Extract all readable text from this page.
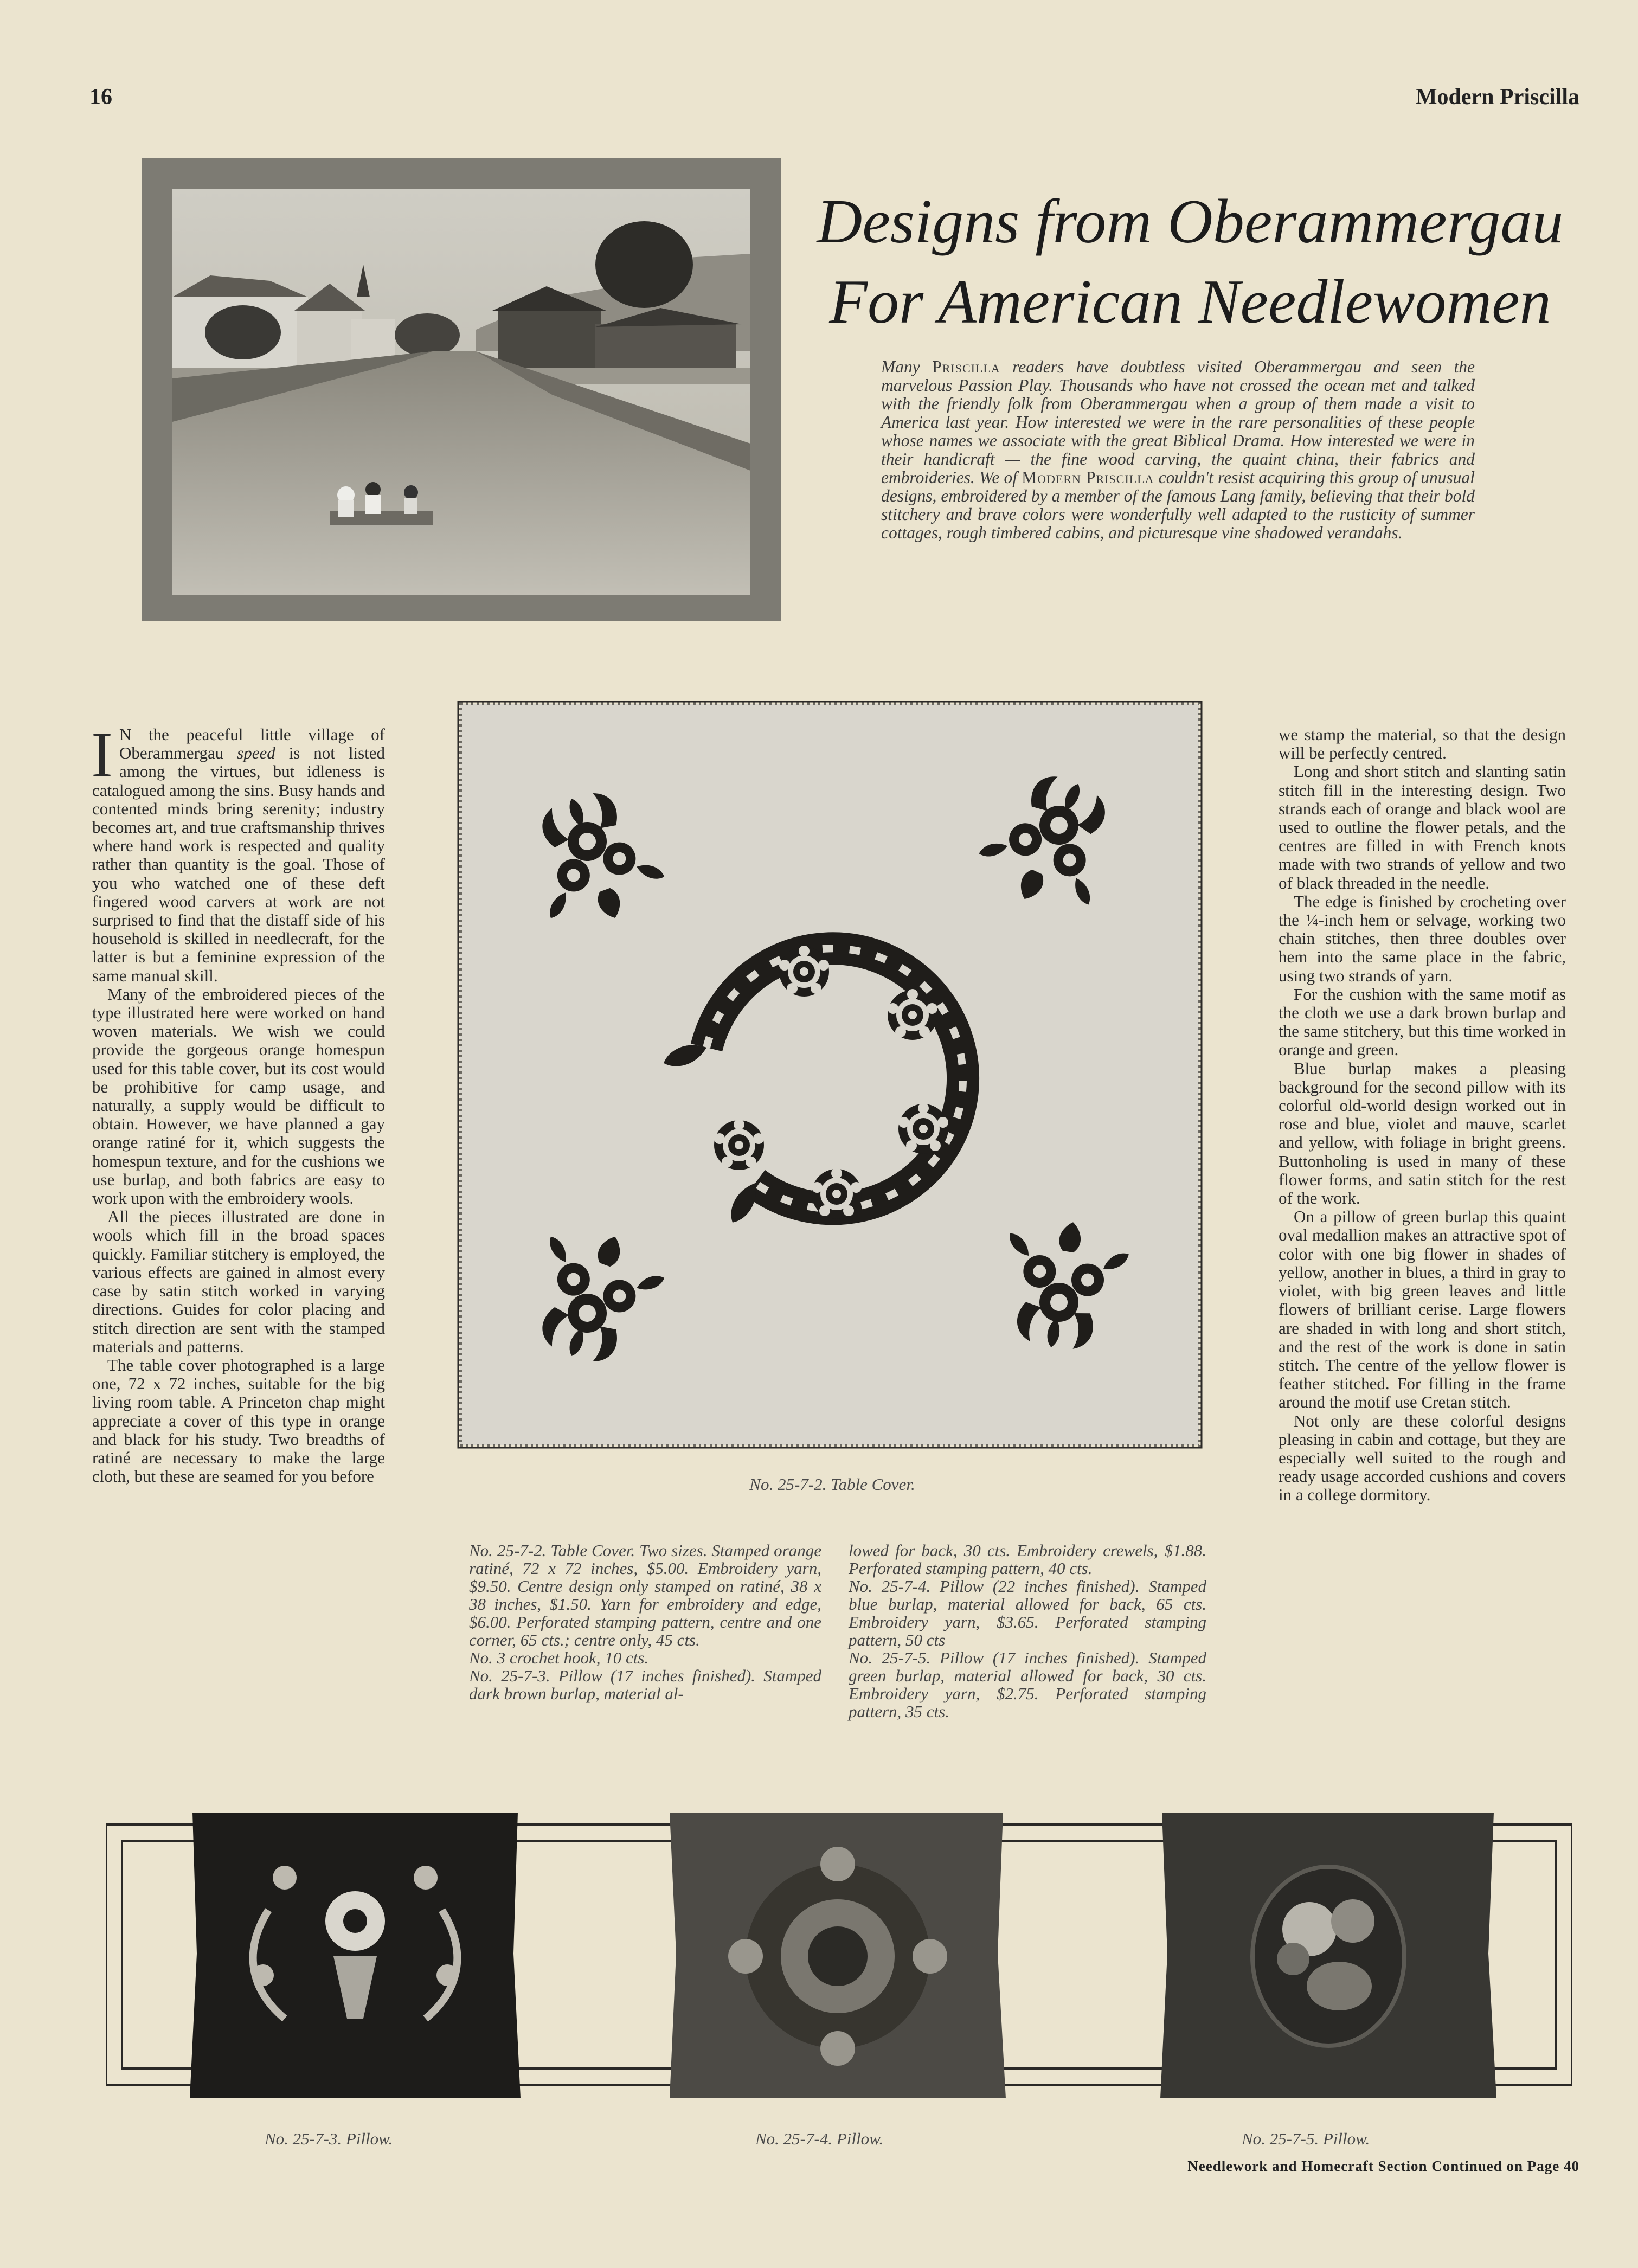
16	Modern Priscilla
Designs from Oberammergau
For American Needlewomen
Many Priscilla readers have doubtless visited Oberammergau and seen the marvelous Passion Play. Thousands who have not crossed the ocean met and talked with the friendly folk from Oberammergau when a group of them made a visit to America last year. How interested we were in the rare personalities of these people whose names we associate with the great Biblical Drama. How interested we were in their handicraft — the fine wood carving, the quaint china, their fabrics and embroideries. We of Modern Priscilla couldn't resist acquiring this group of unusual designs, embroidered by a member of the famous Lang family, believing that their bold stitchery and brave colors were wonderfully well adapted to the rusticity of summer cottages, rough timbered cabins, and picturesque vine shadowed verandahs.

I N the peaceful little village of Oberammergau speed is not listed among the virtues, but idleness is catalogued among the sins. Busy hands and contented minds bring serenity; industry becomes art, and true craftsmanship thrives where hand work is respected and quality rather than quantity is the goal. Those of you who watched one of these deft fingered wood carvers at work are not surprised to find that the distaff side of his household is skilled in needlecraft, for the latter is but a feminine expression of the same manual skill.

Many of the embroidered pieces of the type illustrated here were worked on hand woven materials. We wish we could provide the gorgeous orange homespun used for this table cover, but its cost would be prohibitive for camp usage, and naturally, a supply would be difficult to obtain. However, we have planned a gay orange ratiné for it, which suggests the homespun texture, and for the cushions we use burlap, and both fabrics are easy to work upon with the embroidery wools.

All the pieces illustrated are done in wools which fill in the broad spaces quickly. Familiar stitchery is employed, the various effects are gained in almost every case by satin stitch worked in varying directions. Guides for color placing and stitch direction are sent with the stamped materials and patterns.

The table cover photographed is a large one, 72 x 72 inches, suitable for the big living room table. A Princeton chap might appreciate a cover of this type in orange and black for his study. Two breadths of ratiné are necessary to make the large cloth, but these are seamed for you before	No. 25-7-2. Table Cover.

No. 25-7-2. Table Cover. Two sizes. Stamped orange ratiné, 72 x 72 inches, $5.00. Embroidery yarn, $9.50. Centre design only stamped on ratiné, 38 x 38 inches, $1.50. Yarn for embroidery and edge, $6.00. Perforated stamping pattern, centre and one corner, 65 cts.; centre only, 45 cts.

No. 3 crochet hook, 10 cts.

No. 25-7-3. Pillow (17 inches finished). Stamped dark brown burlap, material al-

lowed for back, 30 cts. Embroidery crewels, $1.88. Perforated stamping pattern, 40 cts.

No. 25-7-4. Pillow (22 inches finished). Stamped blue burlap, material allowed for back, 65 cts. Embroidery yarn, $3.65. Perforated stamping pattern, 50 cts

No. 25-7-5. Pillow (17 inches finished). Stamped green burlap, material allowed for back, 30 cts. Embroidery yarn, $2.75. Perforated stamping pattern, 35 cts.

we stamp the material, so that the design will be perfectly centred.

Long and short stitch and slanting satin stitch fill in the interesting design. Two strands each of orange and black wool are used to outline the flower petals, and the centres are filled in with French knots made with two strands of yellow and two of black threaded in the needle.

The edge is finished by crocheting over the ¼-inch hem or selvage, working two chain stitches, then three doubles over hem into the same place in the fabric, using two strands of yarn.

For the cushion with the same motif as the cloth we use a dark brown burlap and the same stitchery, but this time worked in orange and green.

Blue burlap makes a pleasing background for the second pillow with its colorful old-world design worked out in rose and blue, violet and mauve, scarlet and yellow, with foliage in bright greens. Buttonholing is used in many of these flower forms, and satin stitch for the rest of the work.

On a pillow of green burlap this quaint oval medallion makes an attractive spot of color with one big flower in shades of yellow, another in blues, a third in gray to violet, with big green leaves and little flowers of brilliant cerise. Large flowers are shaded in with long and short stitch, and the rest of the work is done in satin stitch. The centre of the yellow flower is feather stitched. For filling in the frame around the motif use Cretan stitch.

Not only are these colorful designs pleasing in cabin and cottage, but they are especially well suited to the rough and ready usage accorded cushions and covers in a college dormitory.

No. 25-7-3. Pillow.	No. 25-7-4. Pillow.	No. 25-7-5. Pillow.
Needlework and Homecraft Section Continued on Page 40
